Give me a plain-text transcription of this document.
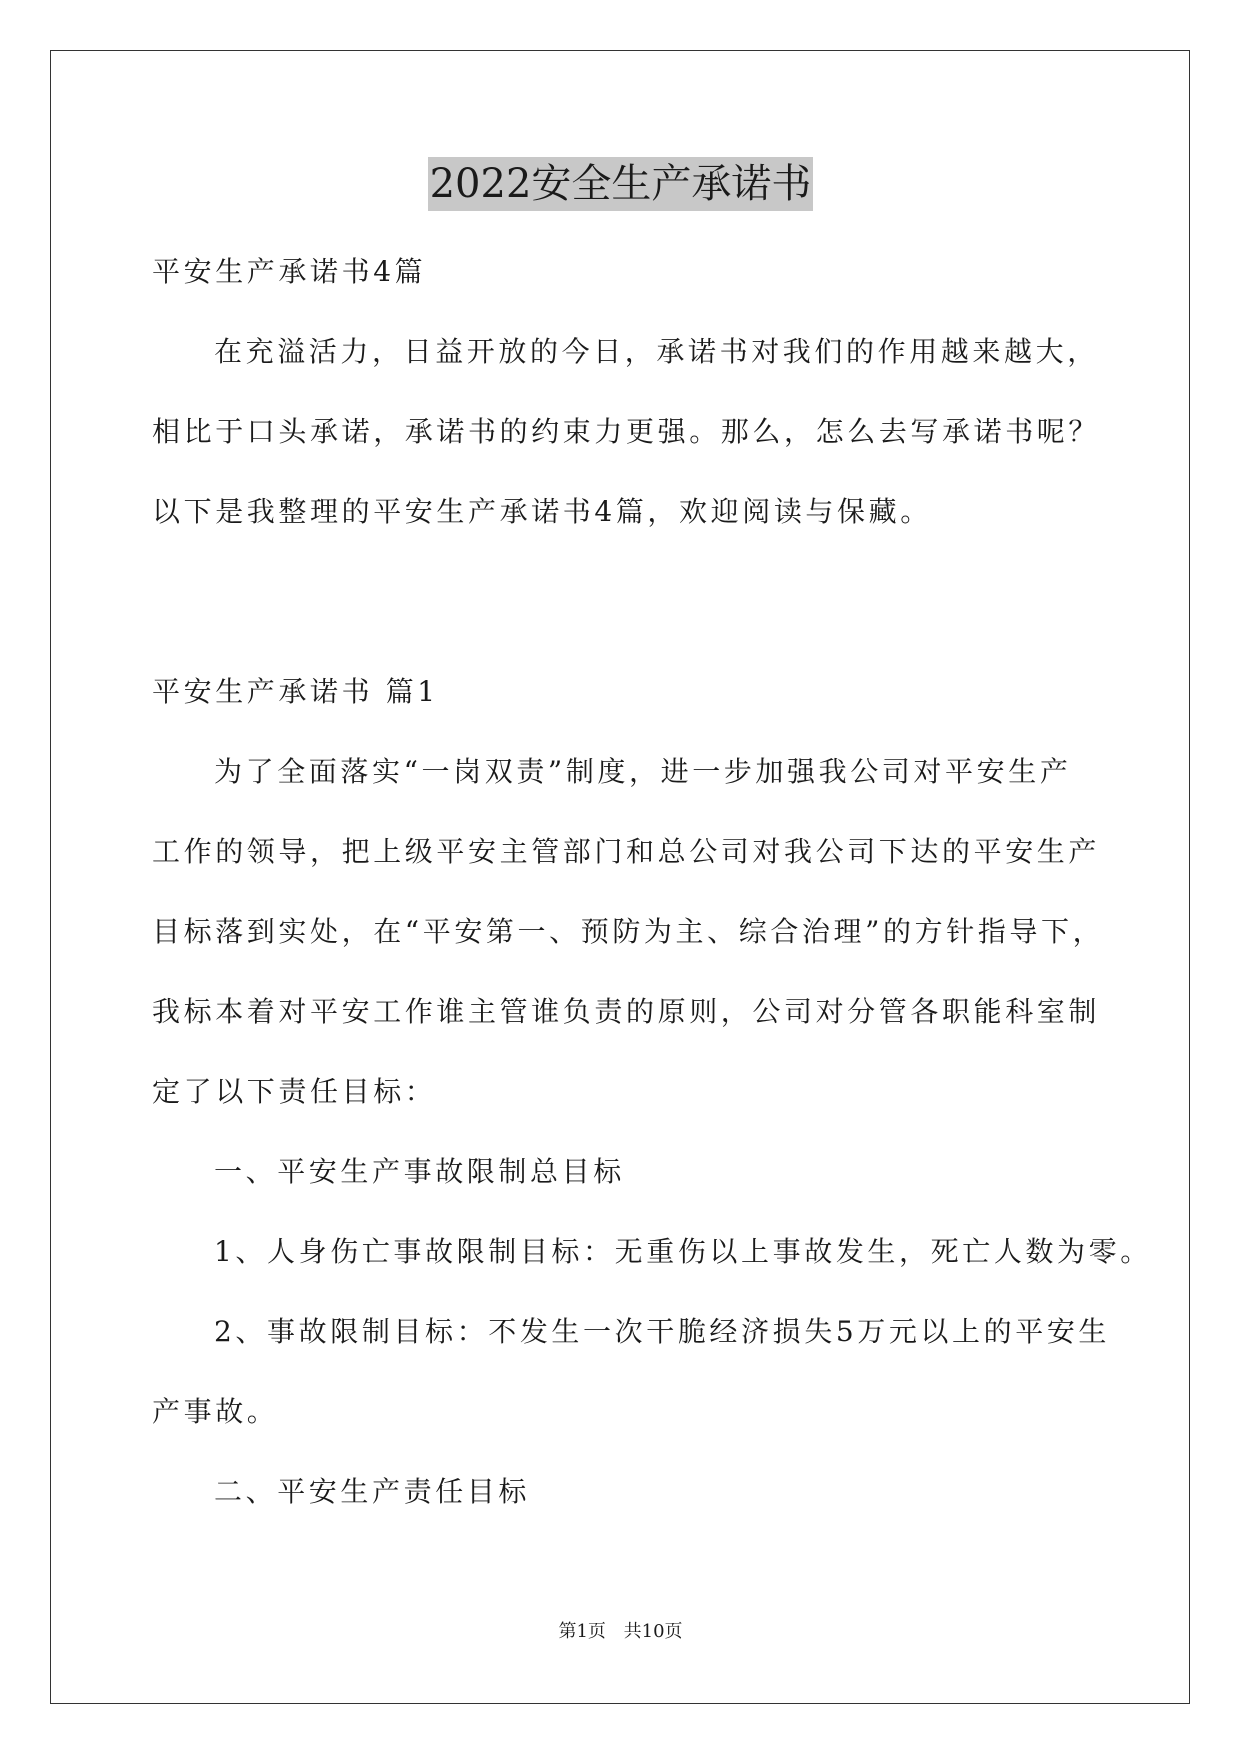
2022安全生产承诺书
平安生产承诺书4篇
在充溢活力，日益开放的今日，承诺书对我们的作用越来越大，
相比于口头承诺，承诺书的约束力更强。那么，怎么去写承诺书呢？
以下是我整理的平安生产承诺书4篇，欢迎阅读与保藏。
平安生产承诺书 篇1
为了全面落实“一岗双责”制度，进一步加强我公司对平安生产
工作的领导，把上级平安主管部门和总公司对我公司下达的平安生产
目标落到实处，在“平安第一、预防为主、综合治理”的方针指导下，
我标本着对平安工作谁主管谁负责的原则，公司对分管各职能科室制
定了以下责任目标：
一、平安生产事故限制总目标
1、人身伤亡事故限制目标：无重伤以上事故发生，死亡人数为零。
2、事故限制目标：不发生一次干脆经济损失5万元以上的平安生
产事故。
二、平安生产责任目标
第1页 共10页
